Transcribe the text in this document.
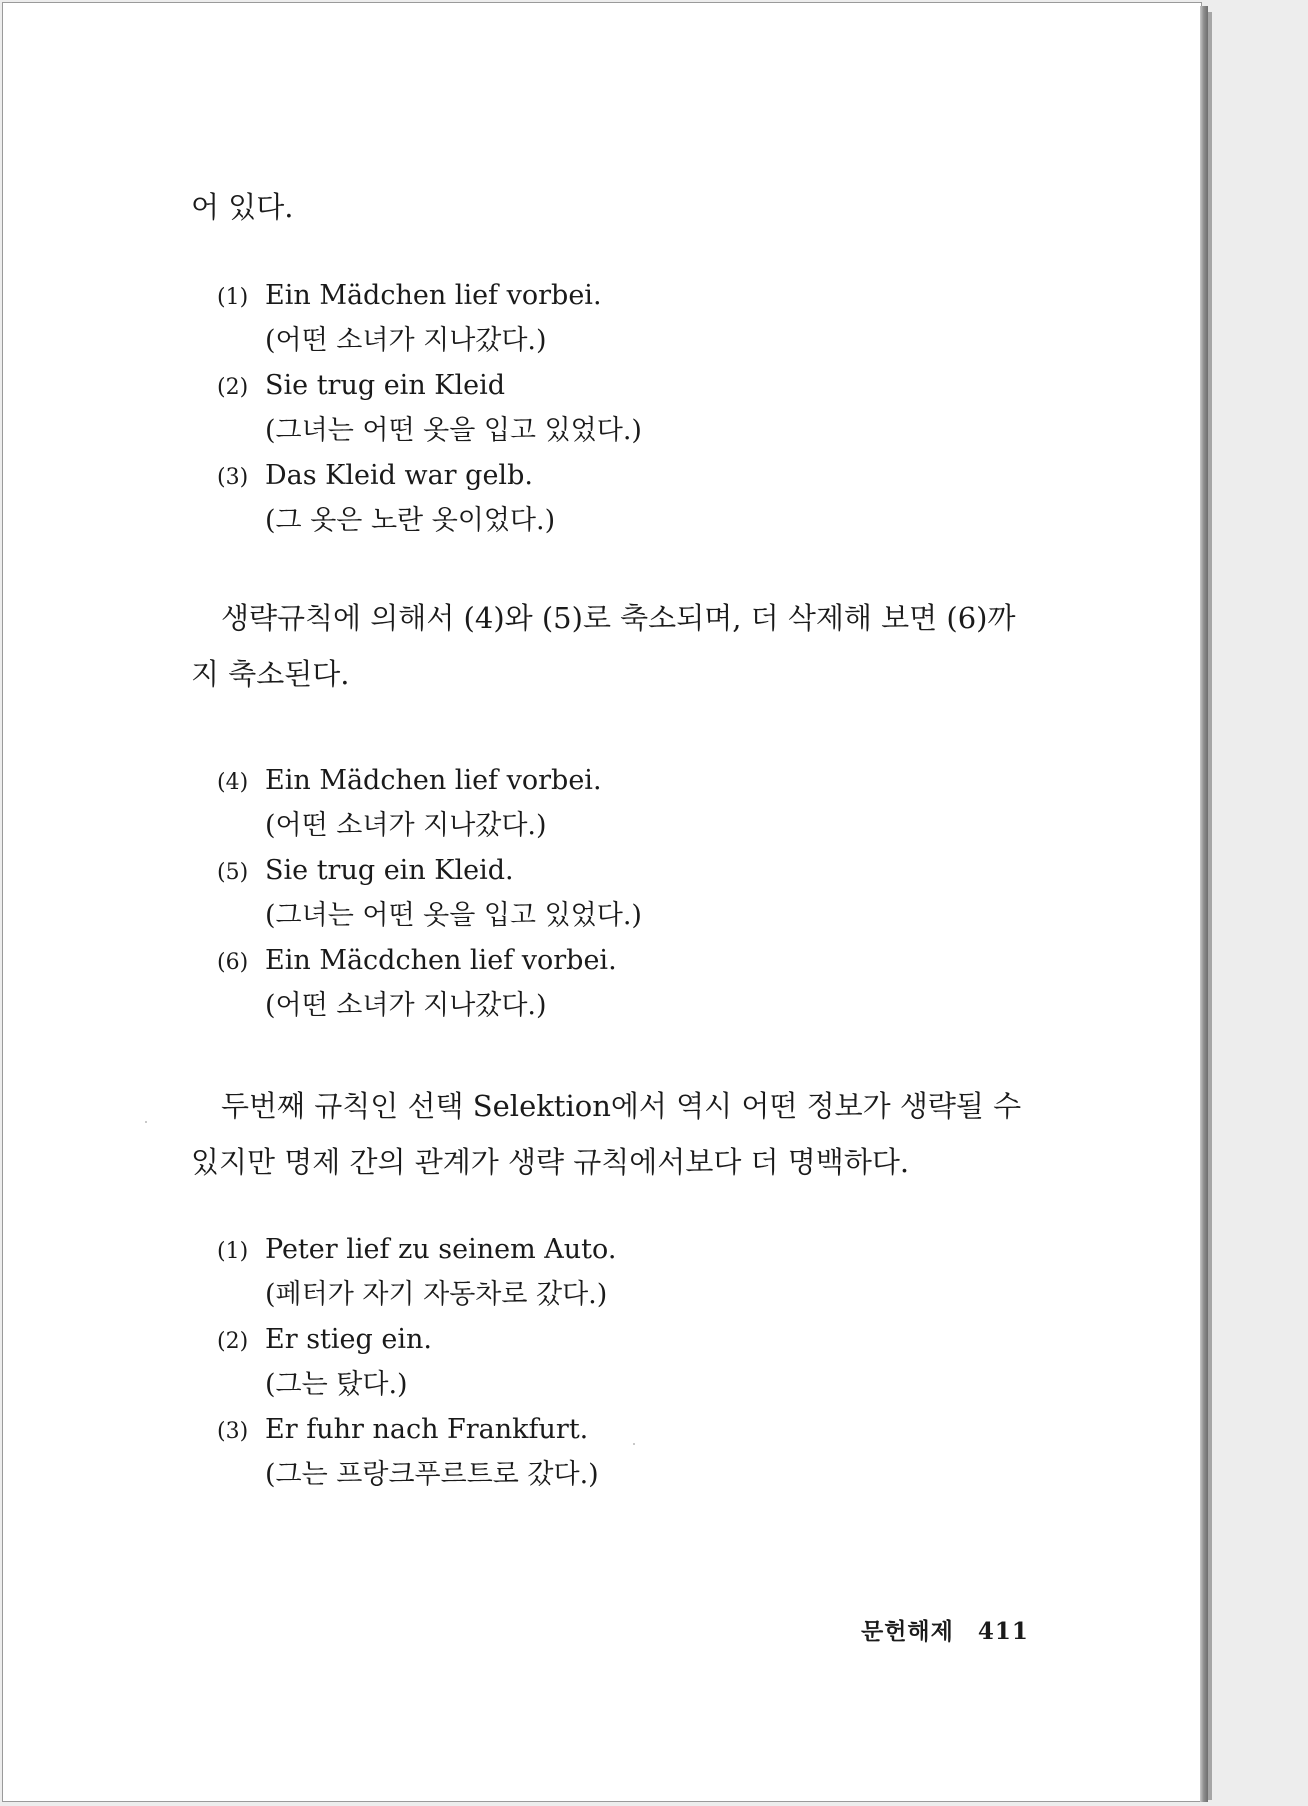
어 있다.

(1) Ein Mädchen lief vorbei.
(어떤 소녀가 지나갔다.)
(2) Sie trug ein Kleid
(그녀는 어떤 옷을 입고 있었다.)
(3) Das Kleid war gelb.
(그 옷은 노란 옷이었다.)

생략규칙에 의해서 (4)와 (5)로 축소되며, 더 삭제해 보면 (6)까지 축소된다.

(4) Ein Mädchen lief vorbei.
(어떤 소녀가 지나갔다.)
(5) Sie trug ein Kleid.
(그녀는 어떤 옷을 입고 있었다.)
(6) Ein Mäcdchen lief vorbei.
(어떤 소녀가 지나갔다.)

두번째 규칙인 선택 Selektion에서 역시 어떤 정보가 생략될 수 있지만 명제 간의 관계가 생략 규칙에서보다 더 명백하다.

(1) Peter lief zu seinem Auto.
(페터가 자기 자동차로 갔다.)
(2) Er stieg ein.
(그는 탔다.)
(3) Er fuhr nach Frankfurt.
(그는 프랑크푸르트로 갔다.)
문헌해제 411
